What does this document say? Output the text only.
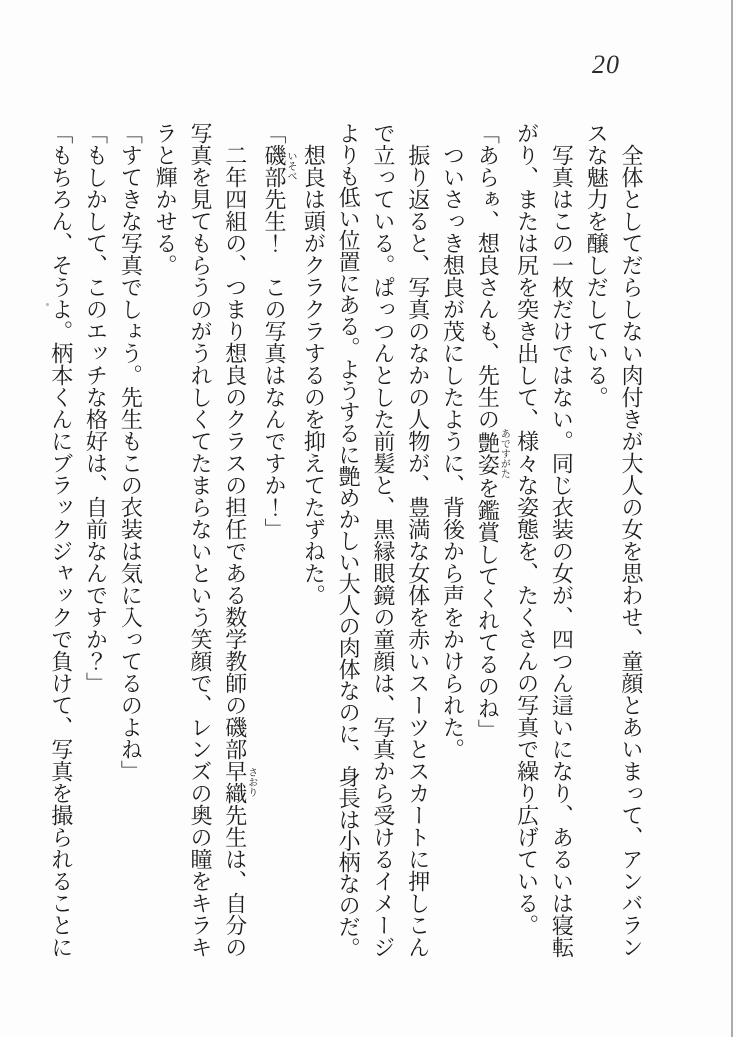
20
全体としてだらしない肉付きが大人の女を思わせ、童顔とあいまって、アンバラン
スな魅力を醸しだしている。
写真はこの一枚だけではない。同じ衣装の女が、四つん這いになり、あるいは寝転
がり、または尻を突き出して、様々な姿態を、たくさんの写真で繰り広げている。
「あらぁ、想良さんも、先生の艶姿あですがたを鑑賞してくれてるのね」
ついさっき想良が茂にしたように、背後から声をかけられた。
振り返ると、写真のなかの人物が、豊満な女体を赤いスーツとスカートに押しこん
で立っている。ぱっつんとした前髪と、黒縁眼鏡の童顔は、写真から受けるイメージ
よりも低い位置にある。ようするに艶めかしい大人の肉体なのに、身長は小柄なのだ。
想良は頭がクラクラするのを抑えてたずねた。
「磯部いそべ先生！　この写真はなんですか！」
二年四組の、つまり想良のクラスの担任である数学教師の磯部早織さおり先生は、自分の
写真を見てもらうのがうれしくてたまらないという笑顔で、レンズの奥の瞳をキラキ
ラと輝かせる。
「すてきな写真でしょう。先生もこの衣装は気に入ってるのよね」
「もしかして、このエッチな格好は、自前なんですか？」
「もちろん、そうよ。柄本くんにブラックジャックで負けて、写真を撮られることに
